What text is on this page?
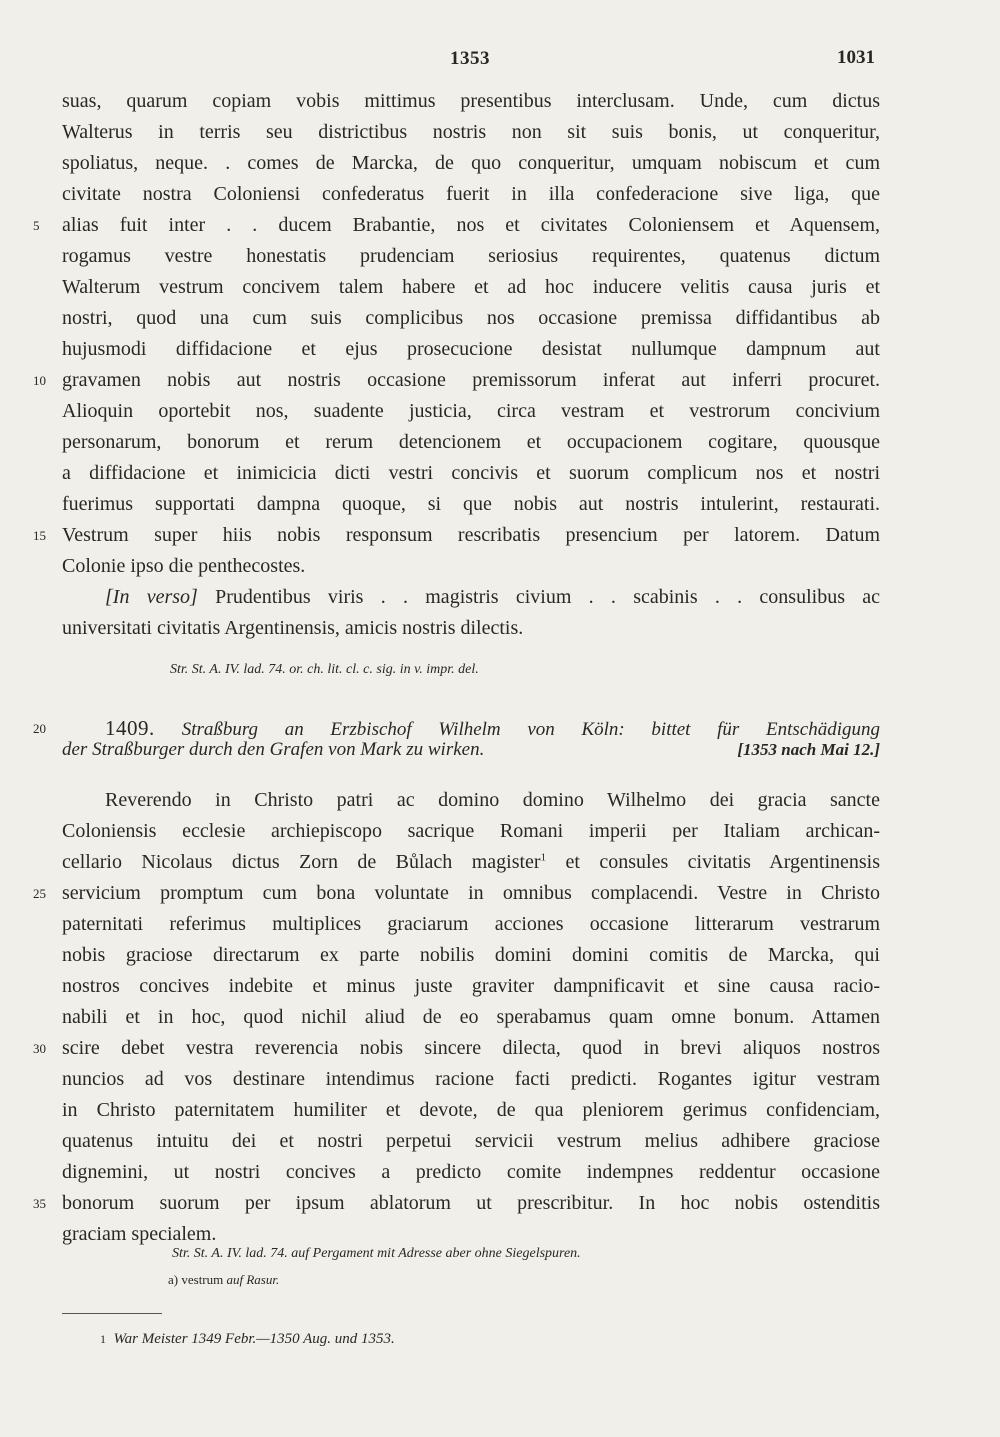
1353	1031
suas, quarum copiam vobis mittimus presentibus interclusam. Unde, cum dictus
Walterus in terris seu districtibus nostris non sit suis bonis, ut conqueritur,
spoliatus, neque. . comes de Marcka, de quo conqueritur, umquam nobiscum et cum
civitate nostra Coloniensi confederatus fuerit in illa confederacione sive liga, que
5	alias fuit inter . . ducem Brabantie, nos et civitates Coloniensem et Aquensem,
rogamus vestre honestatis prudenciam seriosius requirentes, quatenus dictum
Walterum vestrum concivem talem habere et ad hoc inducere velitis causa juris et
nostri, quod una cum suis complicibus nos occasione premissa diffidantibus ab
hujusmodi diffidacione et ejus prosecucione desistat nullumque dampnum aut
10 gravamen nobis aut nostris occasione premissorum inferat aut inferri procuret.
Alioquin oportebit nos, suadente justicia, circa vestram et vestrorum concivium
personarum, bonorum et rerum detencionem et occupacionem cogitare, quousque
a diffidacione et inimicicia dicti vestri concivis et suorum complicum nos et nostri
fuerimus supportati dampna quoque, si que nobis aut nostris intulerint, restaurati.
15 Vestrum super hiis nobis responsum rescribatis presencium per latorem. Datum
Colonie ipso die penthecostes.
[In verso] Prudentibus viris . . magistris civium . . scabinis . . consulibus ac
universitati civitatis Argentinensis, amicis nostris dilectis.
Str. St. A. IV. lad. 74. or. ch. lit. cl. c. sig. in v. impr. del.
20	1409. Straßburg an Erzbischof Wilhelm von Köln: bittet für Entschädigung
der Straßburger durch den Grafen von Mark zu wirken.	[1353 nach Mai 12.]
Reverendo in Christo patri ac domino domino Wilhelmo dei gracia sancte
Coloniensis ecclesie archiepiscopo sacrique Romani imperii per Italiam archican-
cellario Nicolaus dictus Zorn de Bůlach magister$^1$ et consules civitatis Argentinensis
25 servicium promptum cum bona voluntate in omnibus complacendi. Vestre in Christo
paternitati referimus multiplices graciarum acciones occasione litterarum vestrarum
nobis graciose directarum ex parte nobilis domini domini comitis de Marcka, qui
nostros concives indebite et minus juste graviter dampnificavit et sine causa racio-
nabili et in hoc, quod nichil aliud de eo sperabamus quam omne bonum. Attamen
30 scire debet vestra reverencia nobis sincere dilecta, quod in brevi aliquos nostros
nuncios ad vos destinare intendimus racione facti predicti. Rogantes igitur vestram
in Christo paternitatem humiliter et devote, de qua pleniorem gerimus confidenciam,
quatenus intuitu dei et nostri perpetui servicii vestrum melius adhibere graciose
dignemini, ut nostri concives a predicto comite indempnes reddentur occasione
35 bonorum suorum per ipsum ablatorum ut prescribitur. In hoc nobis ostenditis
graciam specialem.
Str. St. A. IV. lad. 74. auf Pergament mit Adresse aber ohne Siegelspuren.
a) vestrum auf Rasur.
1 War Meister 1349 Febr.—1350 Aug. und 1353.
